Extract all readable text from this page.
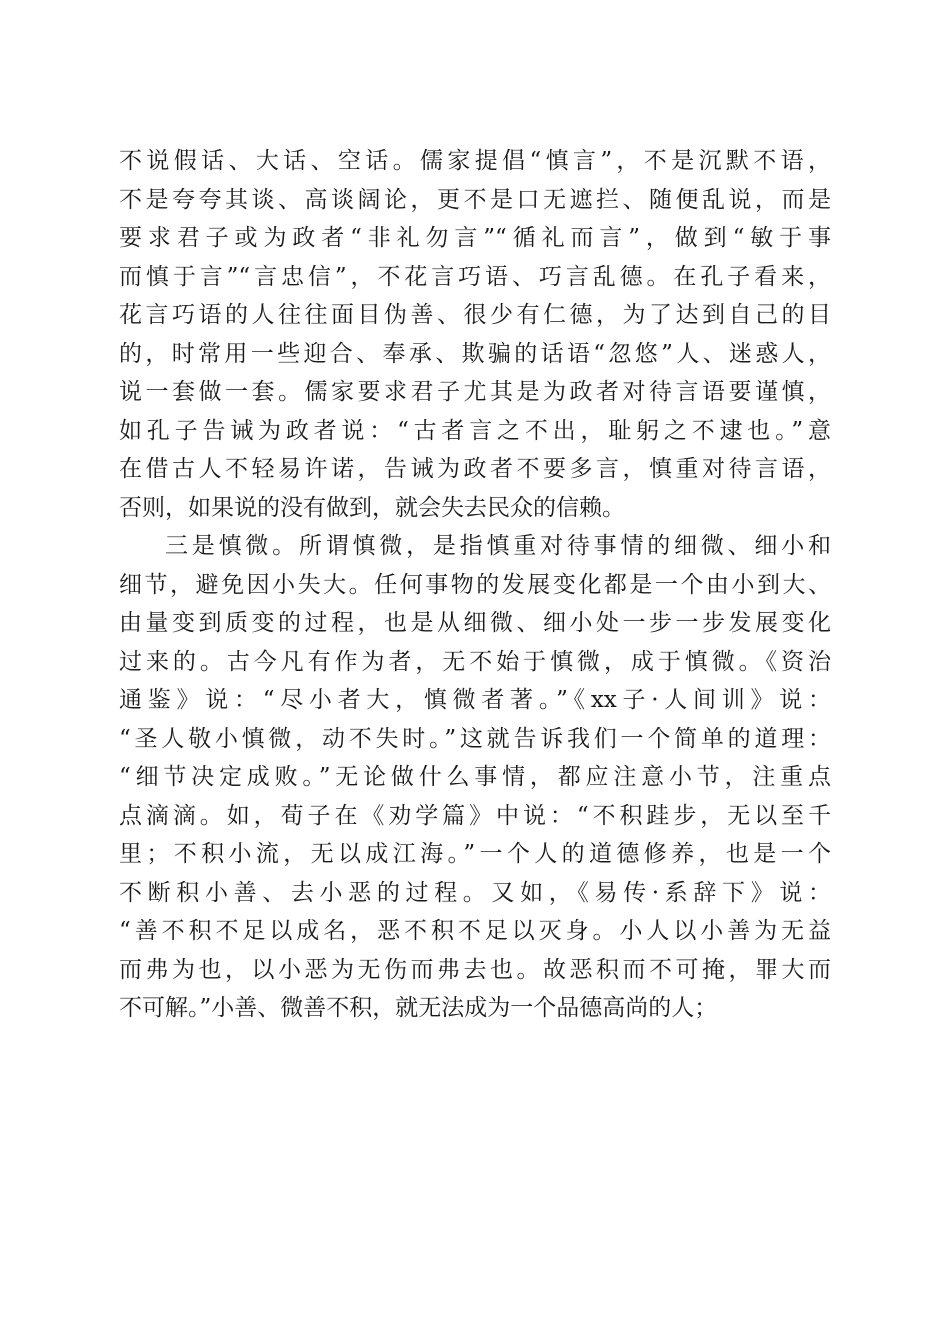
不说假话、大话、空话。儒家提倡“慎言”，不是沉默不语，
不是夸夸其谈、高谈阔论，更不是口无遮拦、随便乱说，而是
要求君子或为政者“非礼勿言”“循礼而言”，做到“敏于事
而慎于言”“言忠信”，不花言巧语、巧言乱德。在孔子看来，
花言巧语的人往往面目伪善、很少有仁德，为了达到自己的目
的，时常用一些迎合、奉承、欺骗的话语“忽悠”人、迷惑人，
说一套做一套。儒家要求君子尤其是为政者对待言语要谨慎，
如孔子告诫为政者说：“古者言之不出，耻躬之不逮也。”意
在借古人不轻易许诺，告诫为政者不要多言，慎重对待言语，
否则，如果说的没有做到，就会失去民众的信赖。
三是慎微。所谓慎微，是指慎重对待事情的细微、细小和
细节，避免因小失大。任何事物的发展变化都是一个由小到大、
由量变到质变的过程，也是从细微、细小处一步一步发展变化
过来的。古今凡有作为者，无不始于慎微，成于慎微。《资治
通鉴》说：“尽小者大，慎微者著。”《xx子·人间训》说：
“圣人敬小慎微，动不失时。”这就告诉我们一个简单的道理：
“细节决定成败。”无论做什么事情，都应注意小节，注重点
点滴滴。如，荀子在《劝学篇》中说：“不积跬步，无以至千
里；不积小流，无以成江海。”一个人的道德修养，也是一个
不断积小善、去小恶的过程。又如，《易传·系辞下》说：
“善不积不足以成名，恶不积不足以灭身。小人以小善为无益
而弗为也，以小恶为无伤而弗去也。故恶积而不可掩，罪大而
不可解。”小善、微善不积，就无法成为一个品德高尚的人；
